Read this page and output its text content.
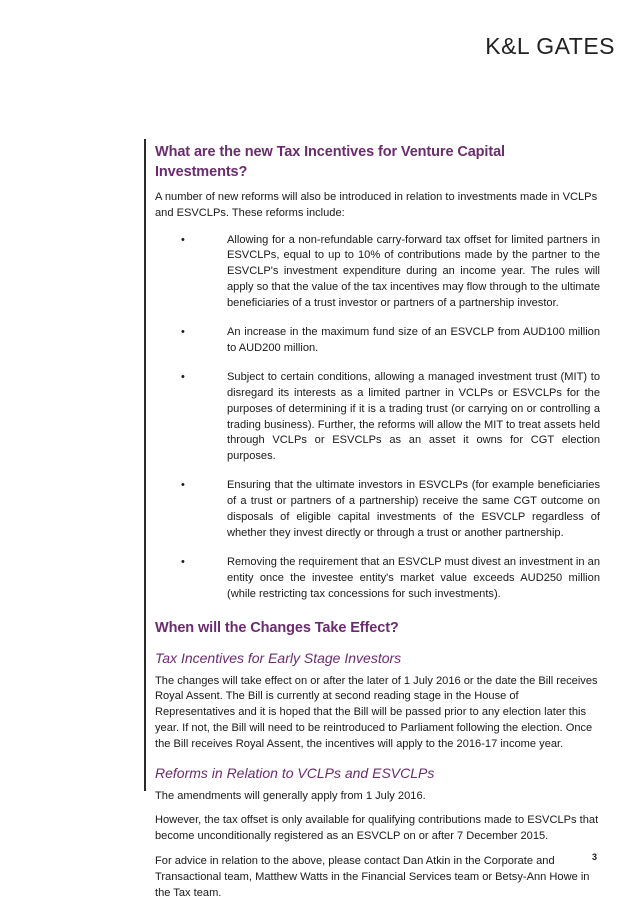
K&L GATES
What are the new Tax Incentives for Venture Capital Investments?

A number of new reforms will also be introduced in relation to investments made in VCLPs and ESVCLPs. These reforms include:

•	Allowing for a non-refundable carry-forward tax offset for limited partners in ESVCLPs, equal to up to 10% of contributions made by the partner to the ESVCLP's investment expenditure during an income year. The rules will apply so that the value of the tax incentives may flow through to the ultimate beneficiaries of a trust investor or partners of a partnership investor.
•	An increase in the maximum fund size of an ESVCLP from AUD100 million to AUD200 million.
•	Subject to certain conditions, allowing a managed investment trust (MIT) to disregard its interests as a limited partner in VCLPs or ESVCLPs for the purposes of determining if it is a trading trust (or carrying on or controlling a trading business). Further, the reforms will allow the MIT to treat assets held through VCLPs or ESVCLPs as an asset it owns for CGT election purposes.
•	Ensuring that the ultimate investors in ESVCLPs (for example beneficiaries of a trust or partners of a partnership) receive the same CGT outcome on disposals of eligible capital investments of the ESVCLP regardless of whether they invest directly or through a trust or another partnership.
•	Removing the requirement that an ESVCLP must divest an investment in an entity once the investee entity's market value exceeds AUD250 million (while restricting tax concessions for such investments).
When will the Changes Take Effect?
Tax Incentives for Early Stage Investors

The changes will take effect on or after the later of 1 July 2016 or the date the Bill receives Royal Assent. The Bill is currently at second reading stage in the House of Representatives and it is hoped that the Bill will be passed prior to any election later this year. If not, the Bill will need to be reintroduced to Parliament following the election. Once the Bill receives Royal Assent, the incentives will apply to the 2016-17 income year.

Reforms in Relation to VCLPs and ESVCLPs

The amendments will generally apply from 1 July 2016.

However, the tax offset is only available for qualifying contributions made to ESVCLPs that become unconditionally registered as an ESVCLP on or after 7 December 2015.

For advice in relation to the above, please contact Dan Atkin in the Corporate and Transactional team, Matthew Watts in the Financial Services team or Betsy-Ann Howe in the Tax team.

3
